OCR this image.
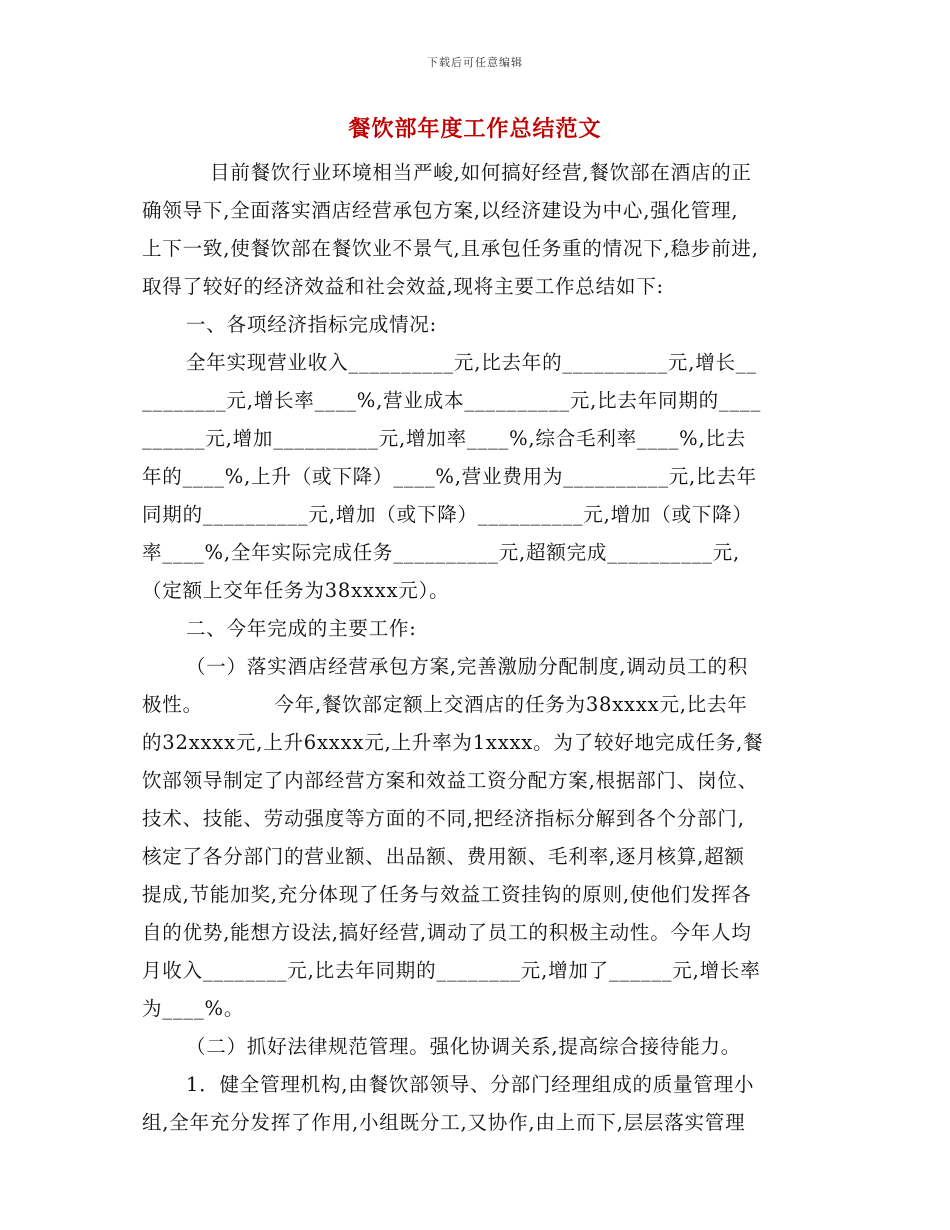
下载后可任意编辑
餐饮部年度工作总结范文
目前餐饮行业环境相当严峻,如何搞好经营,餐饮部在酒店的正
确领导下,全面落实酒店经营承包方案,以经济建设为中心,强化管理,
上下一致,使餐饮部在餐饮业不景气,且承包任务重的情况下,稳步前进,
取得了较好的经济效益和社会效益,现将主要工作总结如下:
一、各项经济指标完成情况:
全年实现营业收入__________元,比去年的__________元,增长__
________元,增长率____%,营业成本__________元,比去年同期的____
______元,增加__________元,增加率____%,综合毛利率____%,比去
年的____%,上升（或下降）____%,营业费用为__________元,比去年
同期的__________元,增加（或下降）__________元,增加（或下降）
率____%,全年实际完成任务__________元,超额完成__________元,
（定额上交年任务为38xxxx元）。
二、今年完成的主要工作:
（一）落实酒店经营承包方案,完善激励分配制度,调动员工的积
极性。　　　　今年,餐饮部定额上交酒店的任务为38xxxx元,比去年
的32xxxx元,上升6xxxx元,上升率为1xxxx。为了较好地完成任务,餐
饮部领导制定了内部经营方案和效益工资分配方案,根据部门、岗位、
技术、技能、劳动强度等方面的不同,把经济指标分解到各个分部门,
核定了各分部门的营业额、出品额、费用额、毛利率,逐月核算,超额
提成,节能加奖,充分体现了任务与效益工资挂钩的原则,使他们发挥各
自的优势,能想方设法,搞好经营,调动了员工的积极主动性。今年人均
月收入________元,比去年同期的________元,增加了______元,增长率
为____%。
（二）抓好法律规范管理。强化协调关系,提高综合接待能力。
1．健全管理机构,由餐饮部领导、分部门经理组成的质量管理小
组,全年充分发挥了作用,小组既分工,又协作,由上而下,层层落实管理
